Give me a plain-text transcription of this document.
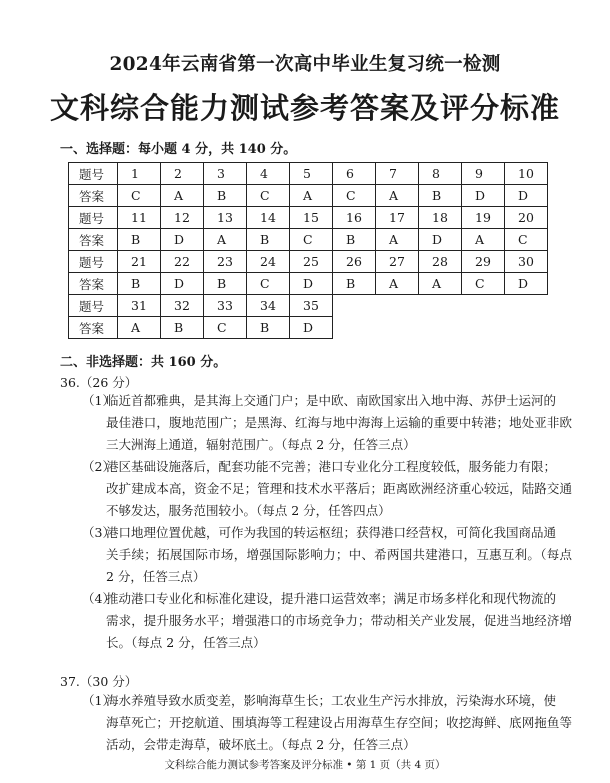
2024年云南省第一次高中毕业生复习统一检测
文科综合能力测试参考答案及评分标准
一、选择题：每小题 4 分，共 140 分。
题号	1	2	3	4	5	6	7	8	9	10
答案	C	A	B	C	A	C	A	B	D	D
题号	11	12	13	14	15	16	17	18	19	20
答案	B	D	A	B	C	B	A	D	A	C
题号	21	22	23	24	25	26	27	28	29	30
答案	B	D	B	C	D	B	A	A	C	D
题号	31	32	33	34	35					
答案	A	B	C	B	D					
二、非选择题：共 160 分。
36.（26 分）
（1）临近首都雅典，是其海上交通门户；是中欧、南欧国家出入地中海、苏伊士运河的
最佳港口，腹地范围广；是黑海、红海与地中海海上运输的重要中转港；地处亚非欧三大洲海上通道，辐射范围广。（每点 2 分，任答三点）
（2）港区基础设施落后，配套功能不完善；港口专业化分工程度较低，服务能力有限；
改扩建成本高，资金不足；管理和技术水平落后；距离欧洲经济重心较远，陆路交通不够发达，服务范围较小。（每点 2 分，任答四点）
（3）港口地理位置优越，可作为我国的转运枢纽；获得港口经营权，可简化我国商品通
关手续；拓展国际市场，增强国际影响力；中、希两国共建港口，互惠互利。（每点 2 分，任答三点）
（4）推动港口专业化和标准化建设，提升港口运营效率；满足市场多样化和现代物流的
需求，提升服务水平；增强港口的市场竞争力；带动相关产业发展，促进当地经济增长。（每点 2 分，任答三点）
37.（30 分）
（1）海水养殖导致水质变差，影响海草生长；工农业生产污水排放，污染海水环境，使
海草死亡；开挖航道、围填海等工程建设占用海草生存空间；收挖海鲜、底网拖鱼等活动，会带走海草，破坏底土。（每点 2 分，任答三点）
文科综合能力测试参考答案及评分标准 • 第 1 页（共 4 页）
